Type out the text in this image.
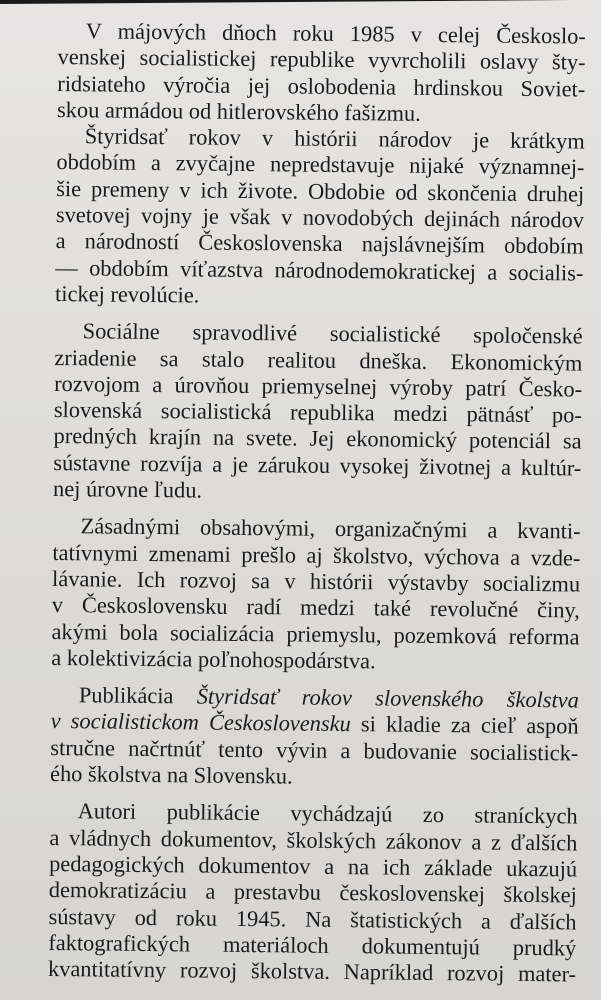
V májových dňoch roku 1985 v celej Českoslo-
venskej socialistickej republike vyvrcholili oslavy šty-
ridsiateho výročia jej oslobodenia hrdinskou Soviet-
skou armádou od hitlerovského fašizmu.

Štyridsať rokov v histórii národov je krátkym
obdobím a zvyčajne nepredstavuje nijaké významnej-
šie premeny v ich živote. Obdobie od skončenia druhej
svetovej vojny je však v novodobých dejinách národov
a národností Československa najslávnejším obdobím
— obdobím víťazstva národnodemokratickej a socialis-
tickej revolúcie.

Sociálne spravodlivé socialistické spoločenské
zriadenie sa stalo realitou dneška. Ekonomickým
rozvojom a úrovňou priemyselnej výroby patrí Česko-
slovenská socialistická republika medzi pätnásť po-
predných krajín na svete. Jej ekonomický potenciál sa
sústavne rozvíja a je zárukou vysokej životnej a kultúr-
nej úrovne ľudu.

Zásadnými obsahovými, organizačnými a kvanti-
tatívnymi zmenami prešlo aj školstvo, výchova a vzde-
lávanie. Ich rozvoj sa v histórii výstavby socializmu
v Československu radí medzi také revolučné činy,
akými bola socializácia priemyslu, pozemková reforma
a kolektivizácia poľnohospodárstva.

Publikácia Štyridsať rokov slovenského školstva
v socialistickom Československu si kladie za cieľ aspoň
stručne načrtnúť tento vývin a budovanie socialistick-
ého školstva na Slovensku.

Autori publikácie vychádzajú zo straníckych
a vládnych dokumentov, školských zákonov a z ďalších
pedagogických dokumentov a na ich základe ukazujú
demokratizáciu a prestavbu československej školskej
sústavy od roku 1945. Na štatistických a ďalších
faktografických materiáloch dokumentujú prudký
kvantitatívny rozvoj školstva. Napríklad rozvoj mater-
